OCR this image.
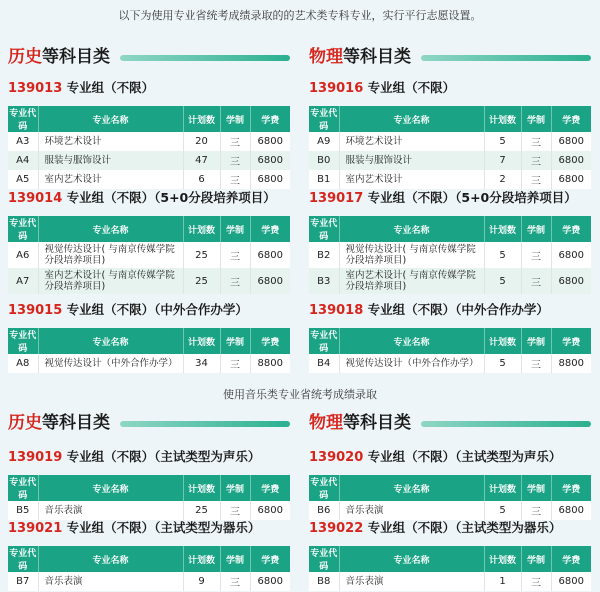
以下为使用专业省统考成绩录取的的艺术类专科专业，实行平行志愿设置。
使用音乐类专业省统考成绩录取
历史等科目类
139013 专业组（不限）
专业代码	专业名称	计划数	学制	学费
A3	环境艺术设计	20	三	6800
A4	服装与服饰设计	47	三	6800
A5	室内艺术设计	6	三	6800
139014 专业组（不限）（5+0分段培养项目）
专业代码	专业名称	计划数	学制	学费
A6	视觉传达设计( 与南京传媒学院分段培养项目)	25	三	6800
A7	室内艺术设计( 与南京传媒学院分段培养项目)	25	三	6800
139015 专业组（不限）（中外合作办学）
专业代码	专业名称	计划数	学制	学费
A8	视觉传达设计（中外合作办学）	34	三	8800
物理等科目类
139016 专业组（不限）
专业代码	专业名称	计划数	学制	学费
A9	环境艺术设计	5	三	6800
B0	服装与服饰设计	7	三	6800
B1	室内艺术设计	2	三	6800
139017 专业组（不限）（5+0分段培养项目）
专业代码	专业名称	计划数	学制	学费
B2	视觉传达设计( 与南京传媒学院分段培养项目)	5	三	6800
B3	室内艺术设计( 与南京传媒学院分段培养项目)	5	三	6800
139018 专业组（不限）（中外合作办学）
专业代码	专业名称	计划数	学制	学费
B4	视觉传达设计（中外合作办学）	5	三	8800
历史等科目类
139019 专业组（不限）（主试类型为声乐）
专业代码	专业名称	计划数	学制	学费
B5	音乐表演	25	三	6800
139021 专业组（不限）（主试类型为器乐）
专业代码	专业名称	计划数	学制	学费
B7	音乐表演	9	三	6800
物理等科目类
139020 专业组（不限）（主试类型为声乐）
专业代码	专业名称	计划数	学制	学费
B6	音乐表演	5	三	6800
139022 专业组（不限）（主试类型为器乐）
专业代码	专业名称	计划数	学制	学费
B8	音乐表演	1	三	6800
